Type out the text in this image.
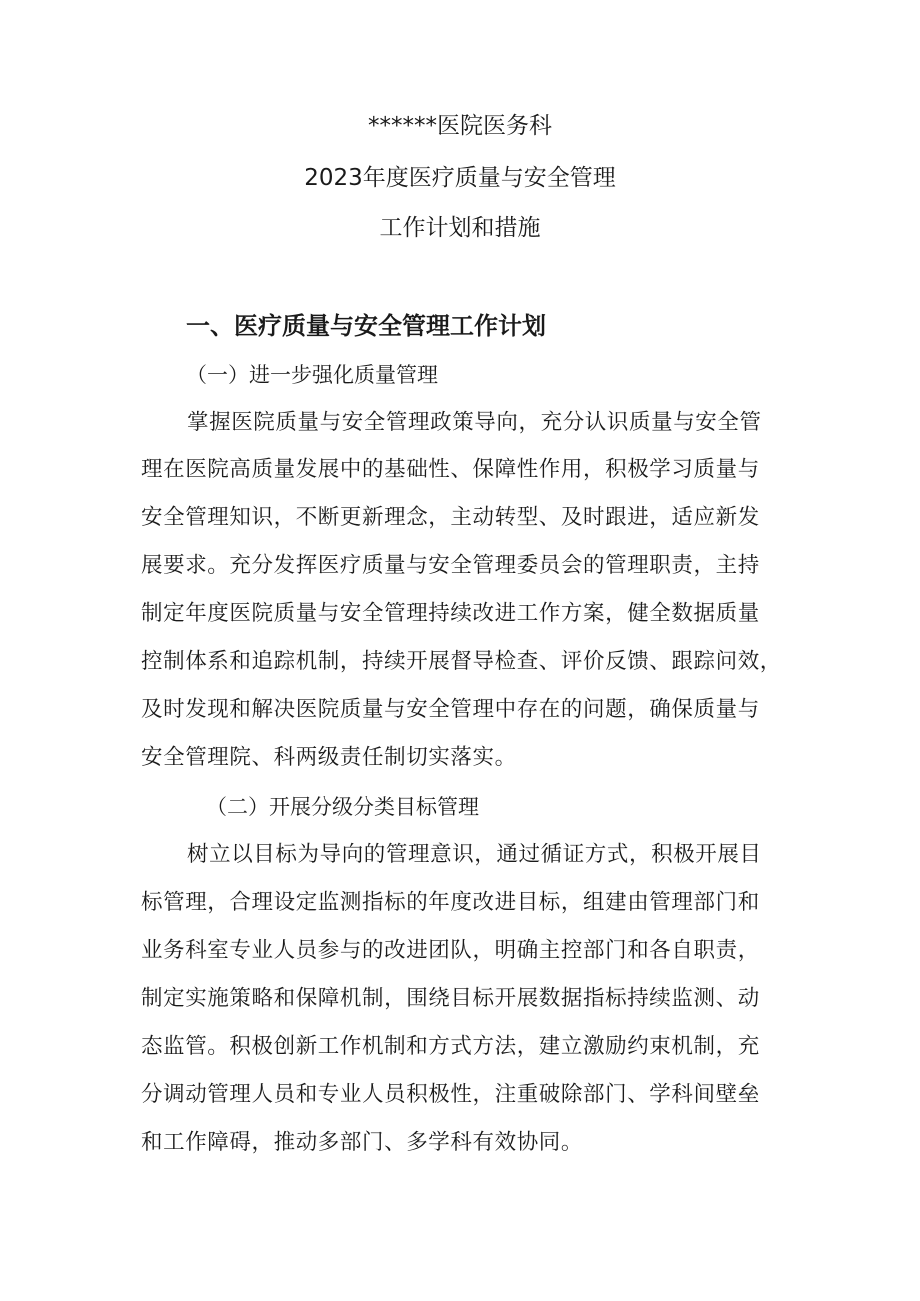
******医院医务科
2023年度医疗质量与安全管理
工作计划和措施
一、医疗质量与安全管理工作计划
（一）进一步强化质量管理
掌握医院质量与安全管理政策导向，充分认识质量与安全管
理在医院高质量发展中的基础性、保障性作用，积极学习质量与
安全管理知识，不断更新理念，主动转型、及时跟进，适应新发
展要求。充分发挥医疗质量与安全管理委员会的管理职责，主持
制定年度医院质量与安全管理持续改进工作方案，健全数据质量
控制体系和追踪机制，持续开展督导检查、评价反馈、跟踪问效，
及时发现和解决医院质量与安全管理中存在的问题，确保质量与
安全管理院、科两级责任制切实落实。
（二）开展分级分类目标管理
树立以目标为导向的管理意识，通过循证方式，积极开展目
标管理，合理设定监测指标的年度改进目标，组建由管理部门和
业务科室专业人员参与的改进团队，明确主控部门和各自职责，
制定实施策略和保障机制，围绕目标开展数据指标持续监测、动
态监管。积极创新工作机制和方式方法，建立激励约束机制，充
分调动管理人员和专业人员积极性，注重破除部门、学科间壁垒
和工作障碍，推动多部门、多学科有效协同。
